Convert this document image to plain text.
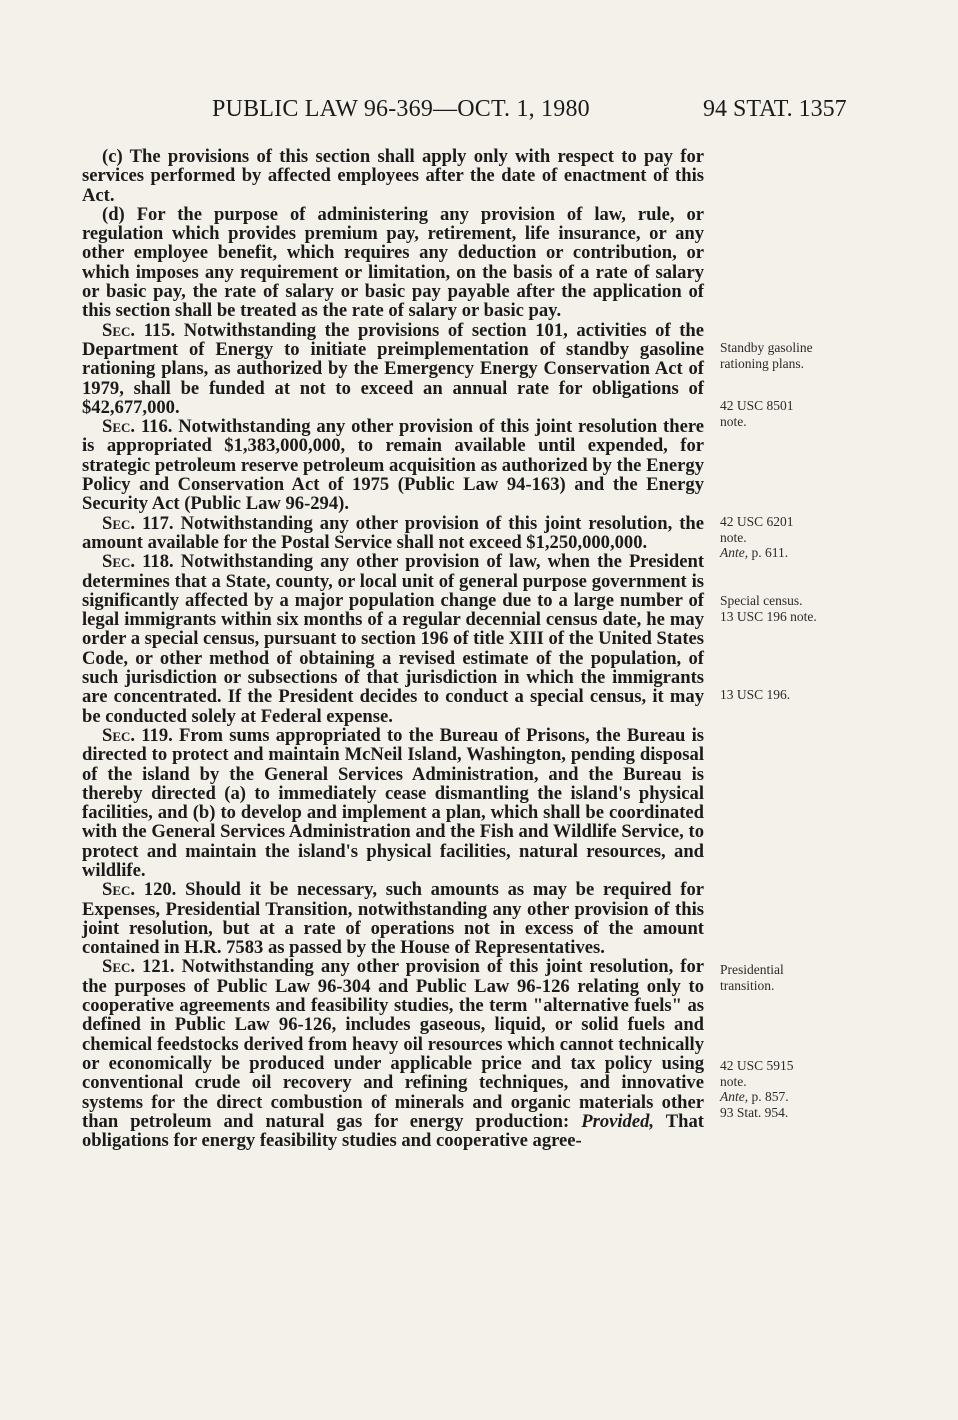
PUBLIC LAW 96-369—OCT. 1, 1980	94 STAT. 1357

(c) The provisions of this section shall apply only with respect to pay for services performed by affected employees after the date of enactment of this Act.

(d) For the purpose of administering any provision of law, rule, or regulation which provides premium pay, retirement, life insurance, or any other employee benefit, which requires any deduction or contribution, or which imposes any requirement or limitation, on the basis of a rate of salary or basic pay, the rate of salary or basic pay payable after the application of this section shall be treated as the rate of salary or basic pay.

Sec. 115. Notwithstanding the provisions of section 101, activities of the Department of Energy to initiate preimplementation of standby gasoline rationing plans, as authorized by the Emergency Energy Conservation Act of 1979, shall be funded at not to exceed an annual rate for obligations of $42,677,000.

Sec. 116. Notwithstanding any other provision of this joint resolution there is appropriated $1,383,000,000, to remain available until expended, for strategic petroleum reserve petroleum acquisition as authorized by the Energy Policy and Conservation Act of 1975 (Public Law 94-163) and the Energy Security Act (Public Law 96-294).

Sec. 117. Notwithstanding any other provision of this joint resolution, the amount available for the Postal Service shall not exceed $1,250,000,000.

Sec. 118. Notwithstanding any other provision of law, when the President determines that a State, county, or local unit of general purpose government is significantly affected by a major population change due to a large number of legal immigrants within six months of a regular decennial census date, he may order a special census, pursuant to section 196 of title XIII of the United States Code, or other method of obtaining a revised estimate of the population, of such jurisdiction or subsections of that jurisdiction in which the immigrants are concentrated. If the President decides to conduct a special census, it may be conducted solely at Federal expense.

Sec. 119. From sums appropriated to the Bureau of Prisons, the Bureau is directed to protect and maintain McNeil Island, Washington, pending disposal of the island by the General Services Administration, and the Bureau is thereby directed (a) to immediately cease dismantling the island's physical facilities, and (b) to develop and implement a plan, which shall be coordinated with the General Services Administration and the Fish and Wildlife Service, to protect and maintain the island's physical facilities, natural resources, and wildlife.

Sec. 120. Should it be necessary, such amounts as may be required for Expenses, Presidential Transition, notwithstanding any other provision of this joint resolution, but at a rate of operations not in excess of the amount contained in H.R. 7583 as passed by the House of Representatives.

Sec. 121. Notwithstanding any other provision of this joint resolution, for the purposes of Public Law 96-304 and Public Law 96-126 relating only to cooperative agreements and feasibility studies, the term "alternative fuels" as defined in Public Law 96-126, includes gaseous, liquid, or solid fuels and chemical feedstocks derived from heavy oil resources which cannot technically or economically be produced under applicable price and tax policy using conventional crude oil recovery and refining techniques, and innovative systems for the direct combustion of minerals and organic materials other than petroleum and natural gas for energy production: Provided, That obligations for energy feasibility studies and cooperative agree-

Standby gasoline
rationing plans.
42 USC 8501
note.
42 USC 6201
note.
Ante, p. 611.
Special census.
13 USC 196 note.
13 USC 196.
Presidential
transition.
42 USC 5915
note.
Ante, p. 857.
93 Stat. 954.
